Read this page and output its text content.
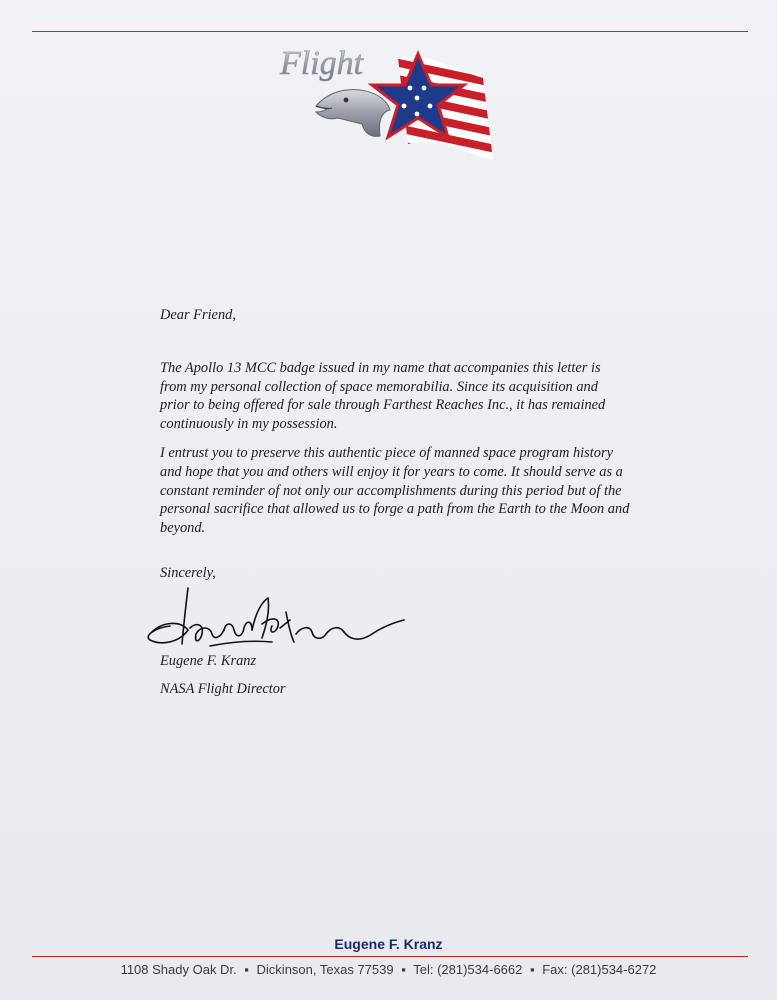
Flight

Dear Friend,

The Apollo 13 MCC badge issued in my name that accompanies this letter is from my personal collection of space memorabilia. Since its acquisition and prior to being offered for sale through Farthest Reaches Inc., it has remained continuously in my possession.

I entrust you to preserve this authentic piece of manned space program history and hope that you and others will enjoy it for years to come. It should serve as a constant reminder of not only our accomplishments during this period but of the personal sacrifice that allowed us to forge a path from the Earth to the Moon and beyond.

Sincerely,

Eugene F. Kranz
NASA Flight Director
Eugene F. Kranz
1108 Shady Oak Dr. ▪ Dickinson, Texas 77539 ▪ Tel: (281)534-6662 ▪ Fax: (281)534-6272
